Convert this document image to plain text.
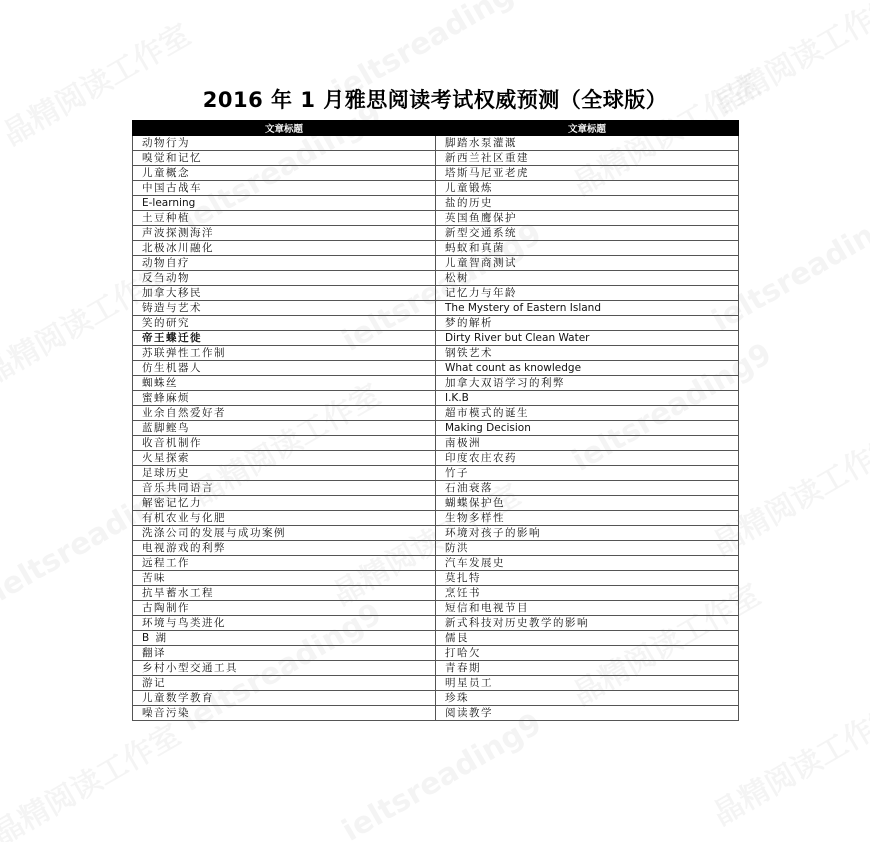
2016 年 1 月雅思阅读考试权威预测（全球版）
文章标题	文章标题
动物行为	脚踏水泵灌溉
嗅觉和记忆	新西兰社区重建
儿童概念	塔斯马尼亚老虎
中国古战车	儿童锻炼
E-learning	盐的历史
土豆种植	英国鱼鹰保护
声波探测海洋	新型交通系统
北极冰川融化	蚂蚁和真菌
动物自疗	儿童智商测试
反刍动物	松树
加拿大移民	记忆力与年龄
铸造与艺术	The Mystery of Eastern Island
笑的研究	梦的解析
帝王蝶迁徙	Dirty River but Clean Water
苏联弹性工作制	钢铁艺术
仿生机器人	What count as knowledge
蜘蛛丝	加拿大双语学习的利弊
蜜蜂麻烦	I.K.B
业余自然爱好者	超市模式的诞生
蓝脚鲣鸟	Making Decision
收音机制作	南极洲
火星探索	印度农庄农药
足球历史	竹子
音乐共同语言	石油衰落
解密记忆力	蝴蝶保护色
有机农业与化肥	生物多样性
洗涤公司的发展与成功案例	环境对孩子的影响
电视游戏的利弊	防洪
远程工作	汽车发展史
苦味	莫扎特
抗旱蓄水工程	烹饪书
古陶制作	短信和电视节目
环境与鸟类进化	新式科技对历史教学的影响
B 湖	儒艮
翻译	打哈欠
乡村小型交通工具	青春期
游记	明星员工
儿童数学教育	珍珠
噪音污染	阅读教学
